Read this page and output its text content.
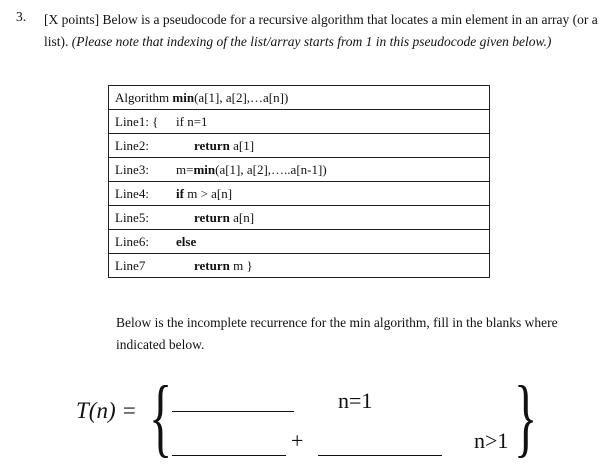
3. [X points] Below is a pseudocode for a recursive algorithm that locates a min element in an array (or a list). (Please note that indexing of the list/array starts from 1 in this pseudocode given below.)
Algorithm min(a[1], a[2],…a[n])	
Line1: {	if n=1
Line2:	return a[1]
Line3:	m=min(a[1], a[2],…..a[n-1])
Line4:	if m > a[n]
Line5:	return a[n]
Line6:	else
Line7	return m }
Below is the incomplete recurrence for the min algorithm, fill in the blanks where indicated below.
T(n) = {	n=1
+	n>1 }
